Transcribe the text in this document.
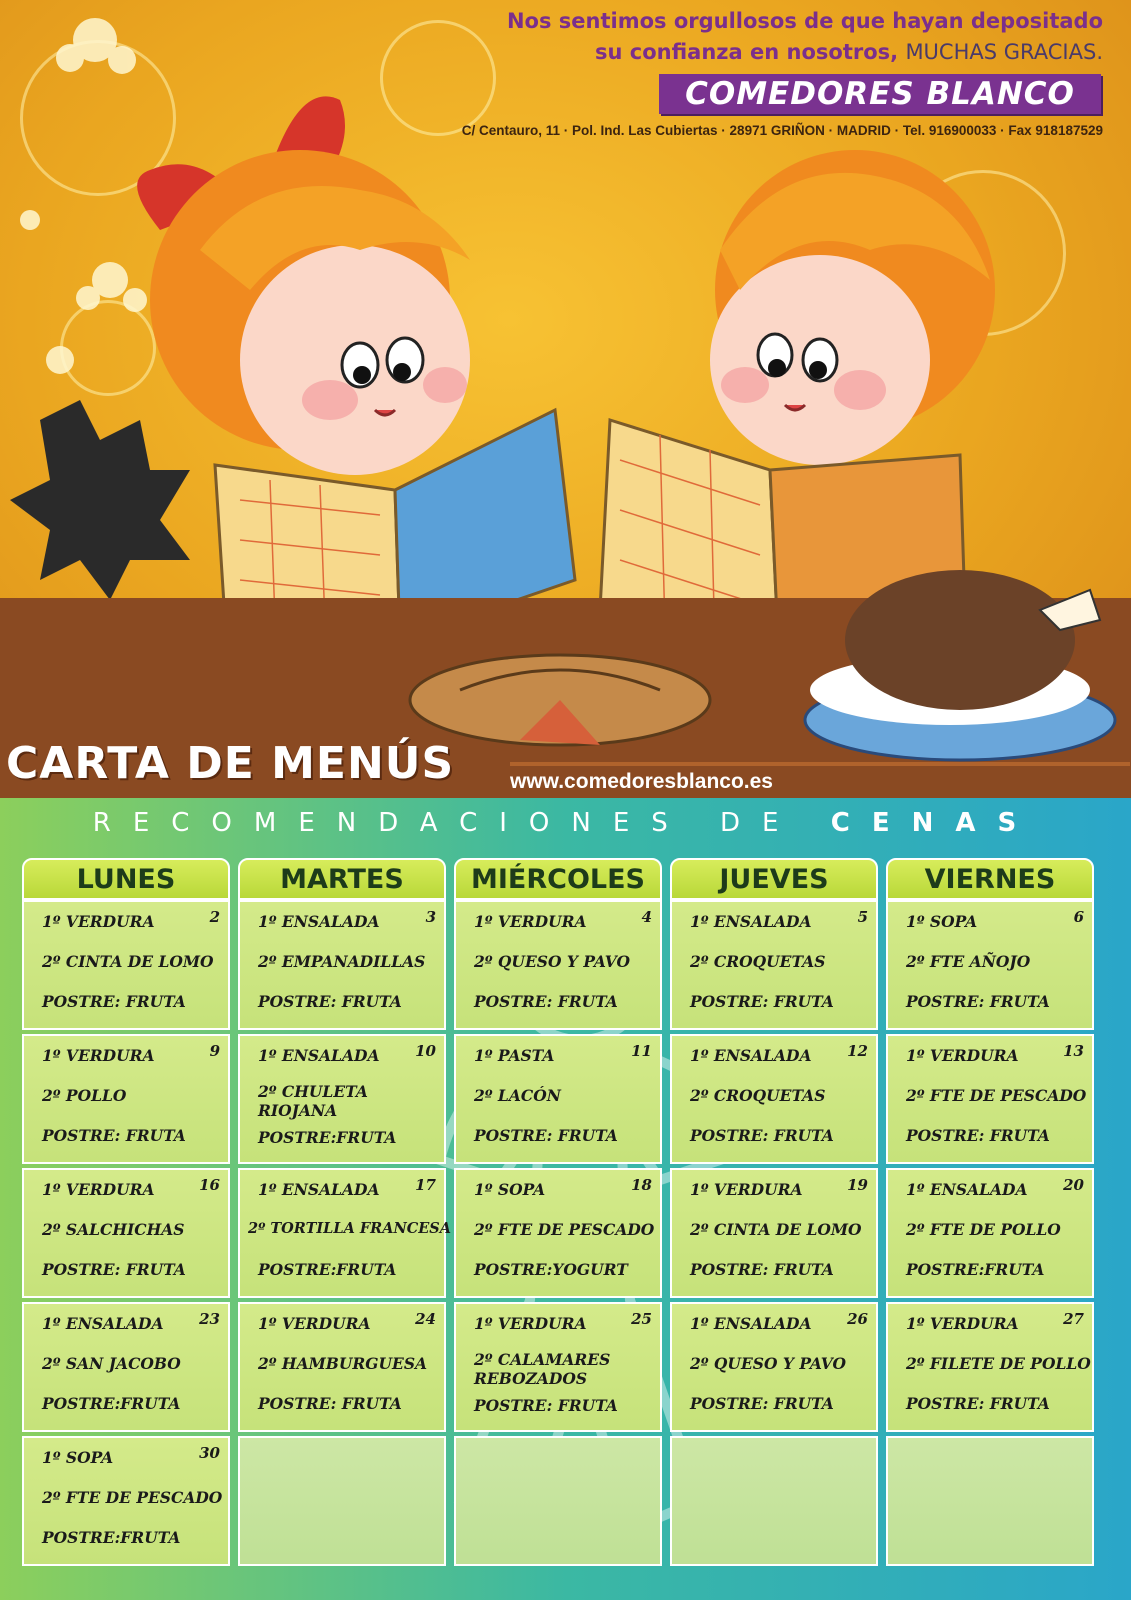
Nos sentimos orgullosos de que hayan depositado
su confianza en nosotros, MUCHAS GRACIAS.
COMEDORES BLANCO
C/ Centauro, 11 · Pol. Ind. Las Cubiertas · 28971 GRIÑON · MADRID · Tel. 916900033 · Fax 918187529
CARTA DE MENÚS	www.comedoresblanco.es
RECOMENDACIONES DE CENAS
LUNES
2
1º VERDURA
2º CINTA DE LOMO
POSTRE: FRUTA
9
1º VERDURA
2º POLLO
POSTRE: FRUTA
16
1º VERDURA
2º SALCHICHAS
POSTRE: FRUTA
23
1º ENSALADA
2º SAN JACOBO
POSTRE:FRUTA
30
1º SOPA
2º FTE DE PESCADO
POSTRE:FRUTA
MARTES
3
1º ENSALADA
2º EMPANADILLAS
POSTRE: FRUTA
10
1º ENSALADA
2º CHULETA RIOJANA
POSTRE:FRUTA
17
1º ENSALADA
2º TORTILLA FRANCESA
POSTRE:FRUTA
24
1º VERDURA
2º HAMBURGUESA
POSTRE: FRUTA
MIÉRCOLES
4
1º VERDURA
2º QUESO Y PAVO
POSTRE: FRUTA
11
1º PASTA
2º LACÓN
POSTRE: FRUTA
18
1º SOPA
2º FTE DE PESCADO
POSTRE:YOGURT
25
1º VERDURA
2º CALAMARES REBOZADOS
POSTRE: FRUTA
JUEVES
5
1º ENSALADA
2º CROQUETAS
POSTRE: FRUTA
12
1º ENSALADA
2º CROQUETAS
POSTRE: FRUTA
19
1º VERDURA
2º CINTA DE LOMO
POSTRE: FRUTA
26
1º ENSALADA
2º QUESO Y PAVO
POSTRE: FRUTA
VIERNES
6
1º SOPA
2º FTE AÑOJO
POSTRE: FRUTA
13
1º VERDURA
2º FTE DE PESCADO
POSTRE: FRUTA
20
1º ENSALADA
2º FTE DE POLLO
POSTRE:FRUTA
27
1º VERDURA
2º FILETE DE POLLO
POSTRE: FRUTA
